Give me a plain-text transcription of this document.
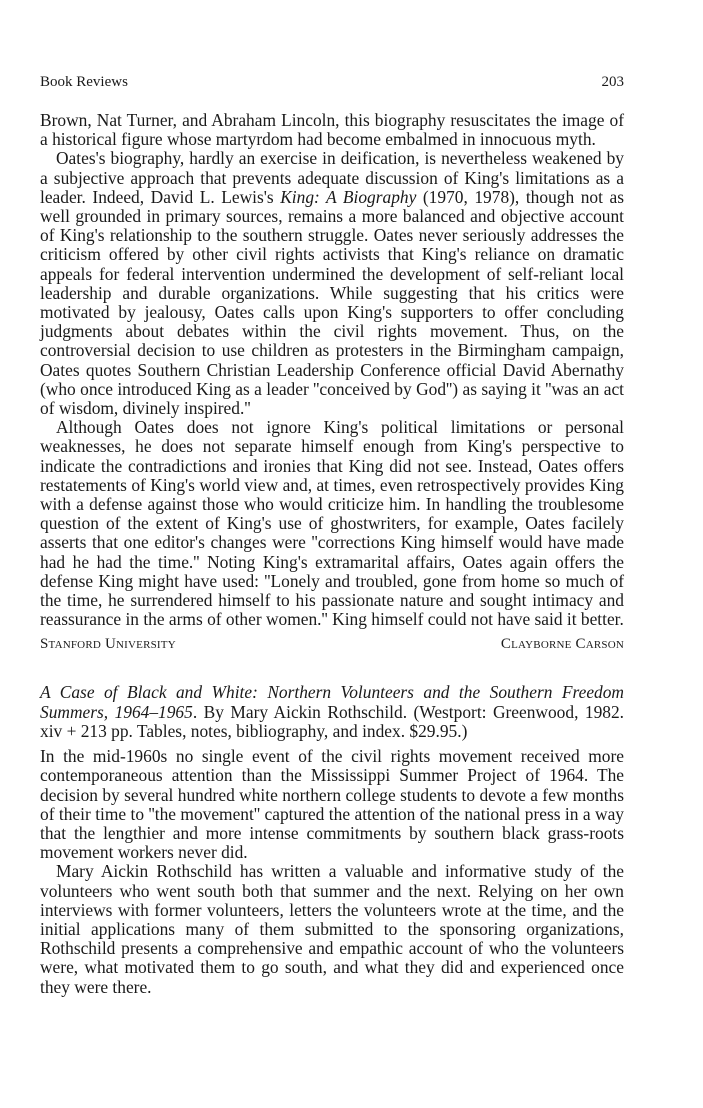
Book Reviews	203

Brown, Nat Turner, and Abraham Lincoln, this biography resuscitates the image of a historical figure whose martyrdom had become embalmed in innocuous myth.

Oates's biography, hardly an exercise in deification, is nevertheless weakened by a subjective approach that prevents adequate discussion of King's limitations as a leader. Indeed, David L. Lewis's King: A Biography (1970, 1978), though not as well grounded in primary sources, remains a more balanced and objective account of King's relationship to the southern struggle. Oates never seriously addresses the criticism offered by other civil rights activists that King's reliance on dramatic appeals for federal intervention undermined the development of self-reliant local leadership and durable organizations. While suggesting that his critics were motivated by jealousy, Oates calls upon King's supporters to offer concluding judgments about debates within the civil rights movement. Thus, on the controversial decision to use children as protesters in the Birmingham campaign, Oates quotes Southern Christian Leadership Conference official David Abernathy (who once introduced King as a leader ''conceived by God'') as saying it ''was an act of wisdom, divinely inspired.''

Although Oates does not ignore King's political limitations or personal weaknesses, he does not separate himself enough from King's perspective to indicate the contradictions and ironies that King did not see. Instead, Oates offers restatements of King's world view and, at times, even retrospectively provides King with a defense against those who would criticize him. In handling the troublesome question of the extent of King's use of ghostwriters, for example, Oates facilely asserts that one editor's changes were ''corrections King himself would have made had he had the time.'' Noting King's extramarital affairs, Oates again offers the defense King might have used: ''Lonely and troubled, gone from home so much of the time, he surrendered himself to his passionate nature and sought intimacy and reassurance in the arms of other women.'' King himself could not have said it better.

Stanford University	Clayborne Carson

A Case of Black and White: Northern Volunteers and the Southern Freedom Summers, 1964–1965. By Mary Aickin Rothschild. (Westport: Greenwood, 1982. xiv + 213 pp. Tables, notes, bibliography, and index. $29.95.)

In the mid-1960s no single event of the civil rights movement received more contemporaneous attention than the Mississippi Summer Project of 1964. The decision by several hundred white northern college students to devote a few months of their time to ''the movement'' captured the attention of the national press in a way that the lengthier and more intense commitments by southern black grass-roots movement workers never did.

Mary Aickin Rothschild has written a valuable and informative study of the volunteers who went south both that summer and the next. Relying on her own interviews with former volunteers, letters the volunteers wrote at the time, and the initial applications many of them submitted to the sponsoring organizations, Rothschild presents a comprehensive and empathic account of who the volunteers were, what motivated them to go south, and what they did and experienced once they were there.
